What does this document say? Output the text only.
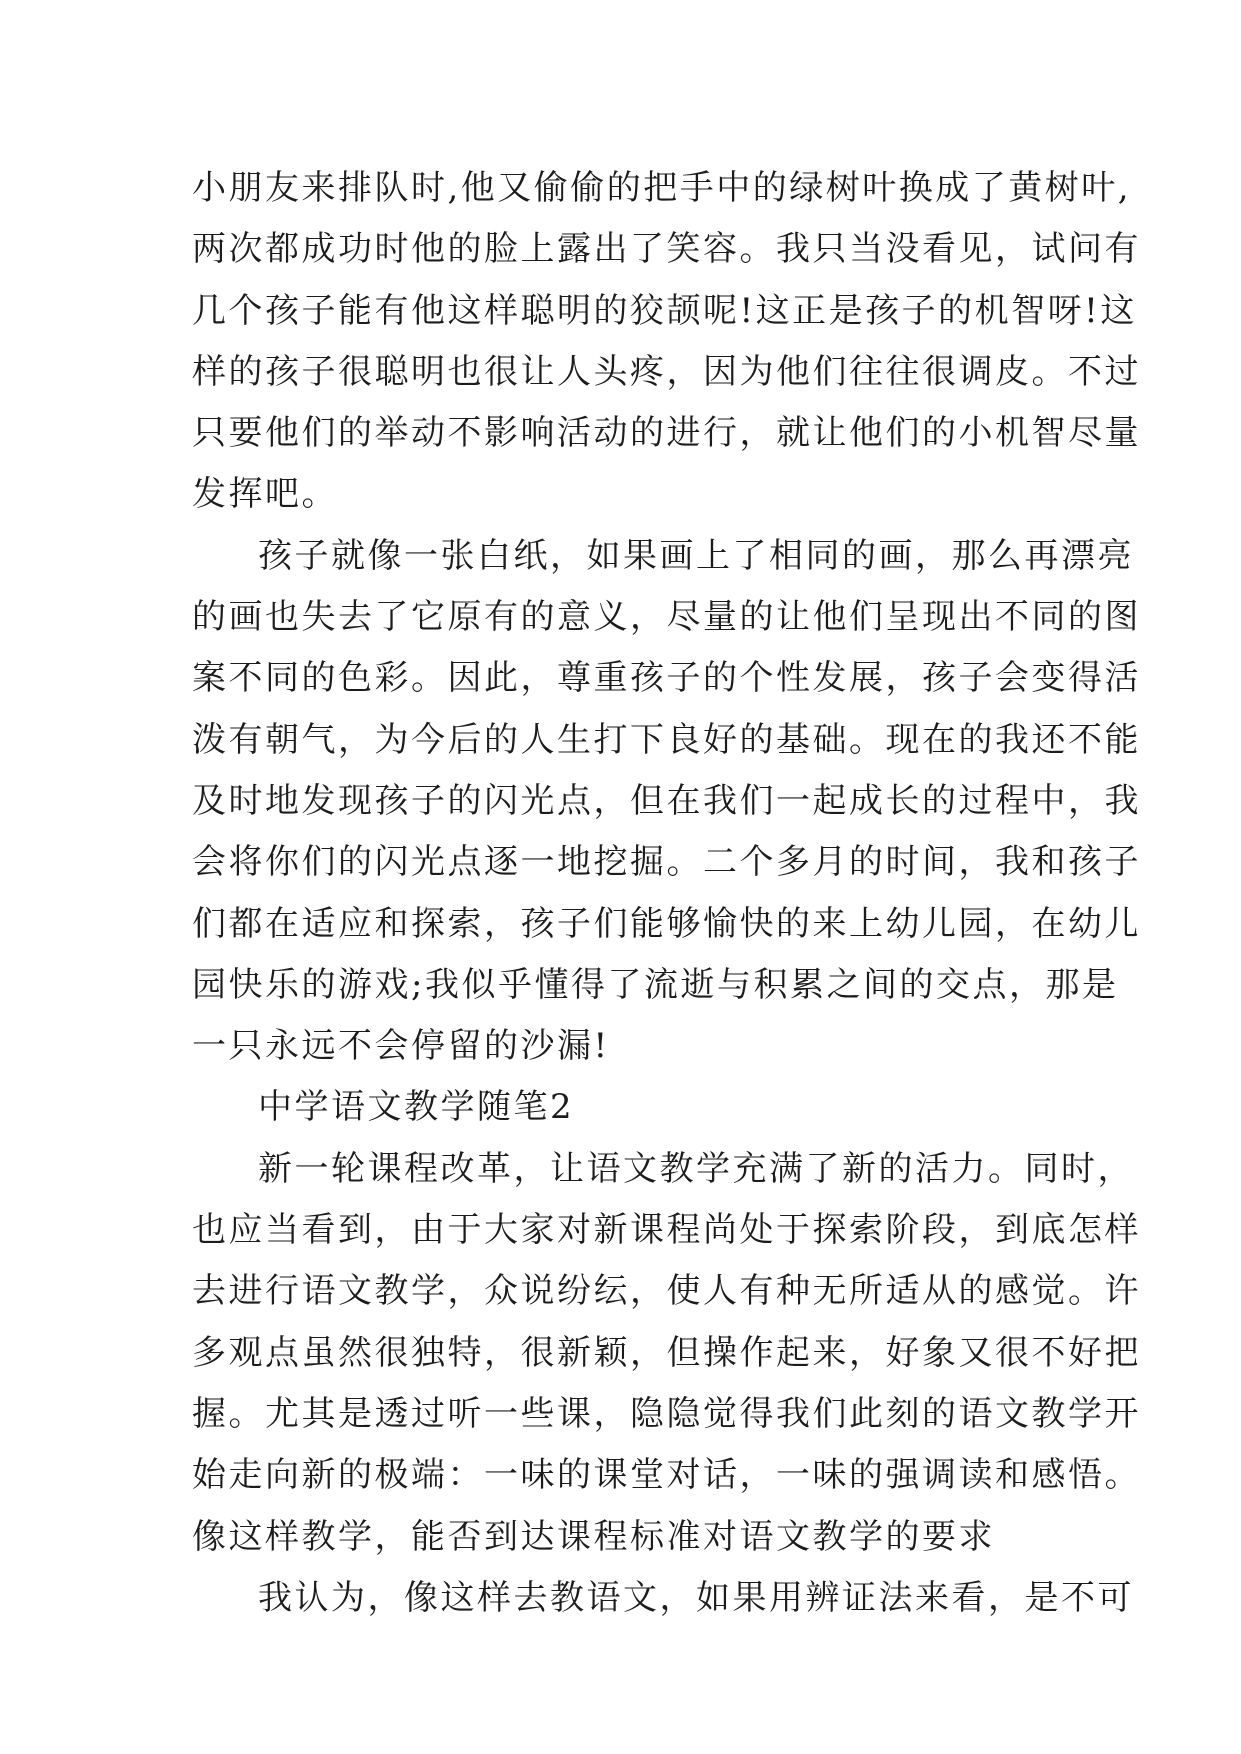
小朋友来排队时,他又偷偷的把手中的绿树叶换成了黄树叶,
两次都成功时他的脸上露出了笑容。我只当没看见，试问有
几个孩子能有他这样聪明的狡颉呢!这正是孩子的机智呀!这
样的孩子很聪明也很让人头疼，因为他们往往很调皮。不过
只要他们的举动不影响活动的进行，就让他们的小机智尽量
发挥吧。
孩子就像一张白纸，如果画上了相同的画，那么再漂亮
的画也失去了它原有的意义，尽量的让他们呈现出不同的图
案不同的色彩。因此，尊重孩子的个性发展，孩子会变得活
泼有朝气，为今后的人生打下良好的基础。现在的我还不能
及时地发现孩子的闪光点，但在我们一起成长的过程中，我
会将你们的闪光点逐一地挖掘。二个多月的时间，我和孩子
们都在适应和探索，孩子们能够愉快的来上幼儿园，在幼儿
园快乐的游戏;我似乎懂得了流逝与积累之间的交点，那是
一只永远不会停留的沙漏!
中学语文教学随笔2
新一轮课程改革，让语文教学充满了新的活力。同时，
也应当看到，由于大家对新课程尚处于探索阶段，到底怎样
去进行语文教学，众说纷纭，使人有种无所适从的感觉。许
多观点虽然很独特，很新颖，但操作起来，好象又很不好把
握。尤其是透过听一些课，隐隐觉得我们此刻的语文教学开
始走向新的极端：一味的课堂对话，一味的强调读和感悟。
像这样教学，能否到达课程标准对语文教学的要求
我认为，像这样去教语文，如果用辨证法来看，是不可
